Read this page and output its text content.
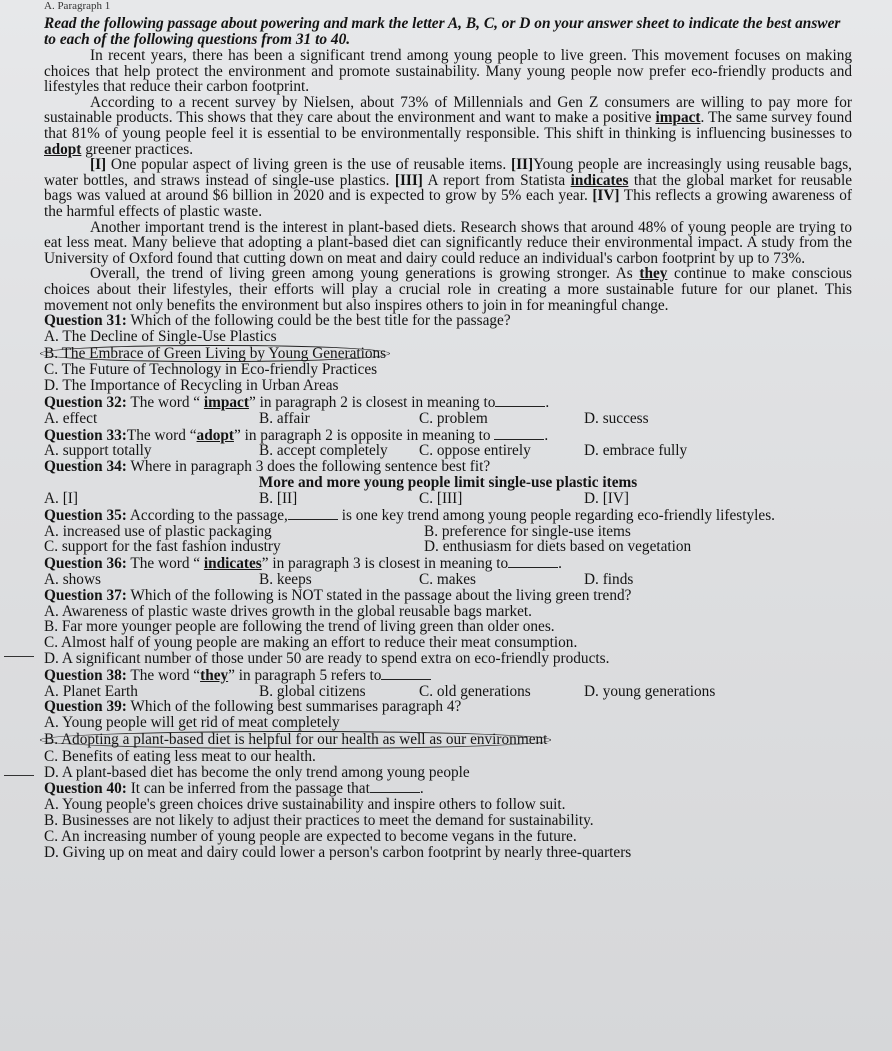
A. Paragraph 1
Read the following passage about powering and mark the letter A, B, C, or D on your answer sheet to indicate the best answer to each of the following questions from 31 to 40.
In recent years, there has been a significant trend among young people to live green. This movement focuses on making choices that help protect the environment and promote sustainability. Many young people now prefer eco-friendly products and lifestyles that reduce their carbon footprint.
According to a recent survey by Nielsen, about 73% of Millennials and Gen Z consumers are willing to pay more for sustainable products. This shows that they care about the environment and want to make a positive impact. The same survey found that 81% of young people feel it is essential to be environmentally responsible. This shift in thinking is influencing businesses to adopt greener practices.
[I] One popular aspect of living green is the use of reusable items. [II]Young people are increasingly using reusable bags, water bottles, and straws instead of single-use plastics. [III] A report from Statista indicates that the global market for reusable bags was valued at around $6 billion in 2020 and is expected to grow by 5% each year. [IV] This reflects a growing awareness of the harmful effects of plastic waste.
Another important trend is the interest in plant-based diets. Research shows that around 48% of young people are trying to eat less meat. Many believe that adopting a plant-based diet can significantly reduce their environmental impact. A study from the University of Oxford found that cutting down on meat and dairy could reduce an individual's carbon footprint by up to 73%.
Overall, the trend of living green among young generations is growing stronger. As they continue to make conscious choices about their lifestyles, their efforts will play a crucial role in creating a more sustainable future for our planet. This movement not only benefits the environment but also inspires others to join in for meaningful change.
Question 31: Which of the following could be the best title for the passage?
A. The Decline of Single-Use Plastics
B. The Embrace of Green Living by Young Generations
C. The Future of Technology in Eco-friendly Practices
D. The Importance of Recycling in Urban Areas
Question 32: The word “ impact” in paragraph 2 is closest in meaning to	.
A. effect	B. affair	C. problem	D. success
Question 33:The word “adopt” in paragraph 2 is opposite in meaning to	.
A. support totally	B. accept completely	C. oppose entirely	D. embrace fully
Question 34: Where in paragraph 3 does the following sentence best fit?
More and more young people limit single-use plastic items
A. [I]	B. [II]	C. [III]	D. [IV]
Question 35: According to the passage,	is one key trend among young people regarding eco-friendly lifestyles.
A. increased use of plastic packaging	B. preference for single-use items
C. support for the fast fashion industry	D. enthusiasm for diets based on vegetation
Question 36: The word “ indicates” in paragraph 3 is closest in meaning to	.
A. shows	B. keeps	C. makes	D. finds
Question 37: Which of the following is NOT stated in the passage about the living green trend?
A. Awareness of plastic waste drives growth in the global reusable bags market.
B. Far more younger people are following the trend of living green than older ones.
C. Almost half of young people are making an effort to reduce their meat consumption.
D. A significant number of those under 50 are ready to spend extra on eco-friendly products.
Question 38: The word “they” in paragraph 5 refers to
A. Planet Earth	B. global citizens	C. old generations	D. young generations
Question 39: Which of the following best summarises paragraph 4?
A. Young people will get rid of meat completely
B. Adopting a plant-based diet is helpful for our health as well as our environment
C. Benefits of eating less meat to our health.
D. A plant-based diet has become the only trend among young people
Question 40: It can be inferred from the passage that	.
A. Young people's green choices drive sustainability and inspire others to follow suit.
B. Businesses are not likely to adjust their practices to meet the demand for sustainability.
C. An increasing number of young people are expected to become vegans in the future.
D. Giving up on meat and dairy could lower a person's carbon footprint by nearly three-quarters
